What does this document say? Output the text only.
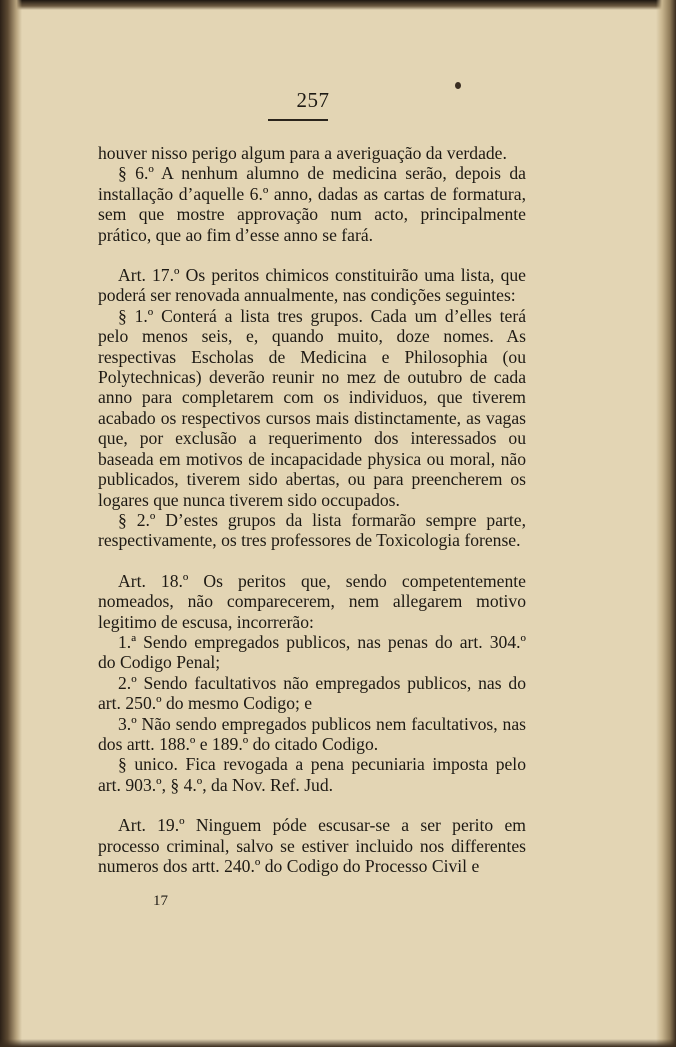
257

houver nisso perigo algum para a averiguação da verdade.

§ 6.º A nenhum alumno de medicina serão, depois da installação d’aquelle 6.º anno, dadas as cartas de formatura, sem que mostre approvação num acto, principalmente prático, que ao fim d’esse anno se fará.

Art. 17.º Os peritos chimicos constituirão uma lista, que poderá ser renovada annualmente, nas condições seguintes:

§ 1.º Conterá a lista tres grupos. Cada um d’elles terá pelo menos seis, e, quando muito, doze nomes. As respectivas Escholas de Medicina e Philosophia (ou Polytechnicas) deverão reunir no mez de outubro de cada anno para completarem com os individuos, que tiverem acabado os respectivos cursos mais distinctamente, as vagas que, por exclusão a requerimento dos interessados ou baseada em motivos de incapacidade physica ou moral, não publicados, tiverem sido abertas, ou para preencherem os logares que nunca tiverem sido occupados.

§ 2.º D’estes grupos da lista formarão sempre parte, respectivamente, os tres professores de Toxicologia forense.

Art. 18.º Os peritos que, sendo competentemente nomeados, não comparecerem, nem allegarem motivo legitimo de escusa, incorrerão:

1.ª Sendo empregados publicos, nas penas do art. 304.º do Codigo Penal;

2.º Sendo facultativos não empregados publicos, nas do art. 250.º do mesmo Codigo; e

3.º Não sendo empregados publicos nem facultativos, nas dos artt. 188.º e 189.º do citado Codigo.

§ unico. Fica revogada a pena pecuniaria imposta pelo art. 903.º, § 4.º, da Nov. Ref. Jud.

Art. 19.º Ninguem póde escusar-se a ser perito em processo criminal, salvo se estiver incluido nos differentes numeros dos artt. 240.º do Codigo do Processo Civil e

17
